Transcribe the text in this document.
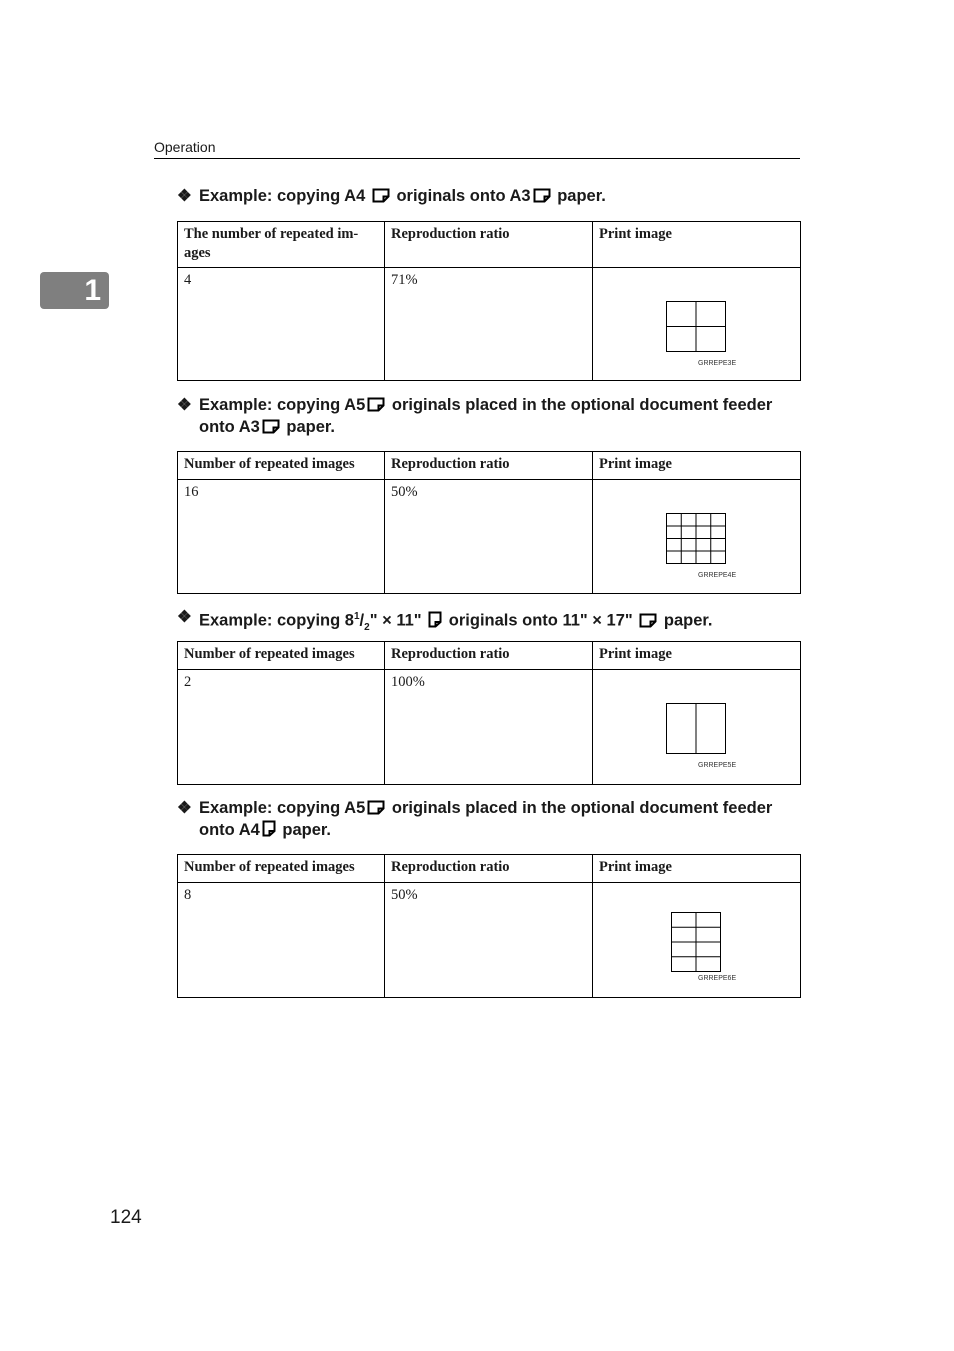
Operation
1
❖ Example: copying A4 originals onto A3 paper.
The number of repeated im-ages	Reproduction ratio	Print image
4	71%	GRREPE3E
❖ Example: copying A5 originals placed in the optional document feeder onto A3 paper.
Number of repeated images	Reproduction ratio	Print image
16	50%	GRREPE4E
❖ Example: copying $8^1/_2$" × 11" originals onto 11" × 17" paper.
Number of repeated images	Reproduction ratio	Print image
2	100%	GRREPE5E
❖ Example: copying A5 originals placed in the optional document feeder onto A4 paper.
Number of repeated images	Reproduction ratio	Print image
8	50%	GRREPE6E
124
